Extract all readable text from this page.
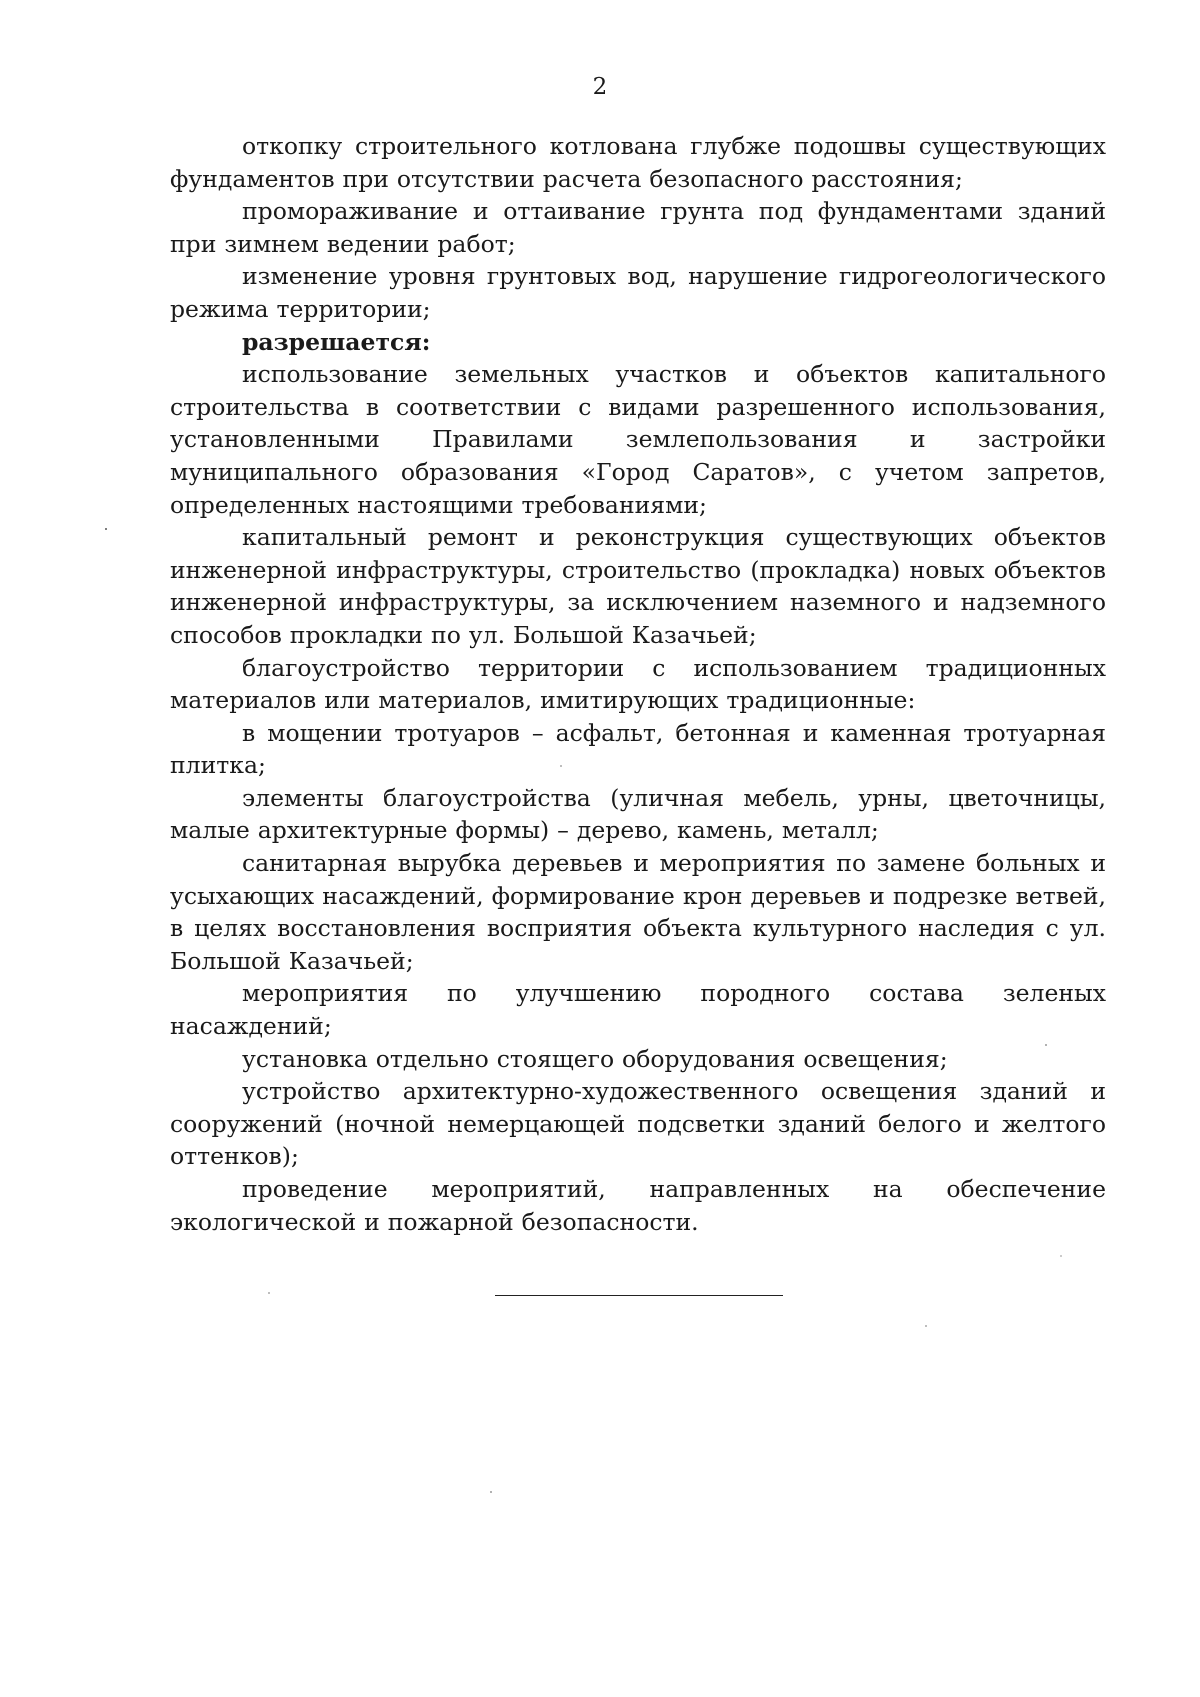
2

откопку строительного котлована глубже подошвы существующих фундаментов при отсутствии расчета безопасного расстояния;

промораживание и оттаивание грунта под фундаментами зданий при зимнем ведении работ;

изменение уровня грунтовых вод, нарушение гидрогеологического режима территории;

разрешается:

использование земельных участков и объектов капитального строительства в соответствии с видами разрешенного использования, установленными Правилами землепользования и застройки муниципального образования «Город Саратов», с учетом запретов, определенных настоящими требованиями;

капитальный ремонт и реконструкция существующих объектов инженерной инфраструктуры, строительство (прокладка) новых объектов инженерной инфраструктуры, за исключением наземного и надземного способов прокладки по ул. Большой Казачьей;

благоустройство территории с использованием традиционных материалов или материалов, имитирующих традиционные:

в мощении тротуаров – асфальт, бетонная и каменная тротуарная плитка;

элементы благоустройства (уличная мебель, урны, цветочницы, малые архитектурные формы) – дерево, камень, металл;

санитарная вырубка деревьев и мероприятия по замене больных и усыхающих насаждений, формирование крон деревьев и подрезке ветвей, в целях восстановления восприятия объекта культурного наследия с ул. Большой Казачьей;

мероприятия по улучшению породного состава зеленых насаждений;

установка отдельно стоящего оборудования освещения;

устройство архитектурно-художественного освещения зданий и сооружений (ночной немерцающей подсветки зданий белого и желтого оттенков);

проведение мероприятий, направленных на обеспечение экологической и пожарной безопасности.
